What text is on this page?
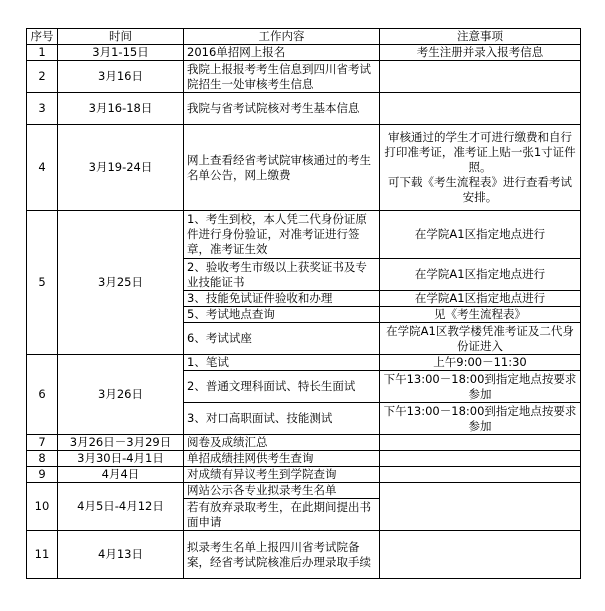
序号	时间	工作内容	注意事项
1	3月1-15日	2016单招网上报名	考生注册并录入报考信息
2	3月16日	我院上报报考考生信息到四川省考试院招生一处审核考生信息	
3	3月16-18日	我院与省考试院核对考生基本信息	
4	3月19-24日	网上查看经省考试院审核通过的考生名单公告，网上缴费	审核通过的学生才可进行缴费和自行打印准考证，准考证上贴一张1寸证件照。
可下载《考生流程表》进行查看考试安排。
5	3月25日	1、考生到校，本人凭二代身份证原件进行身份验证，对准考证进行签章，准考证生效	在学院A1区指定地点进行
		2、验收考生市级以上获奖证书及专业技能证书	在学院A1区指定地点进行
		3、技能免试证件验收和办理	在学院A1区指定地点进行
		5、考试地点查询	见《考生流程表》
		6、考试试座	在学院A1区教学楼凭准考证及二代身份证进入
6	3月26日	1、笔试	上午9:00－11:30
		2、普通文理科面试、特长生面试	下午13:00－18:00到指定地点按要求参加
		3、对口高职面试、技能测试	下午13:00－18:00到指定地点按要求参加
7	3月26日－3月29日	阅卷及成绩汇总	
8	3月30日-4月1日	单招成绩挂网供考生查询	
9	4月4日	对成绩有异议考生到学院查询	
10	4月5日-4月12日	网站公示各专业拟录考生名单	
		若有放弃录取考生，在此期间提出书面申请	
11	4月13日	拟录考生名单上报四川省考试院备案，经省考试院核准后办理录取手续	
